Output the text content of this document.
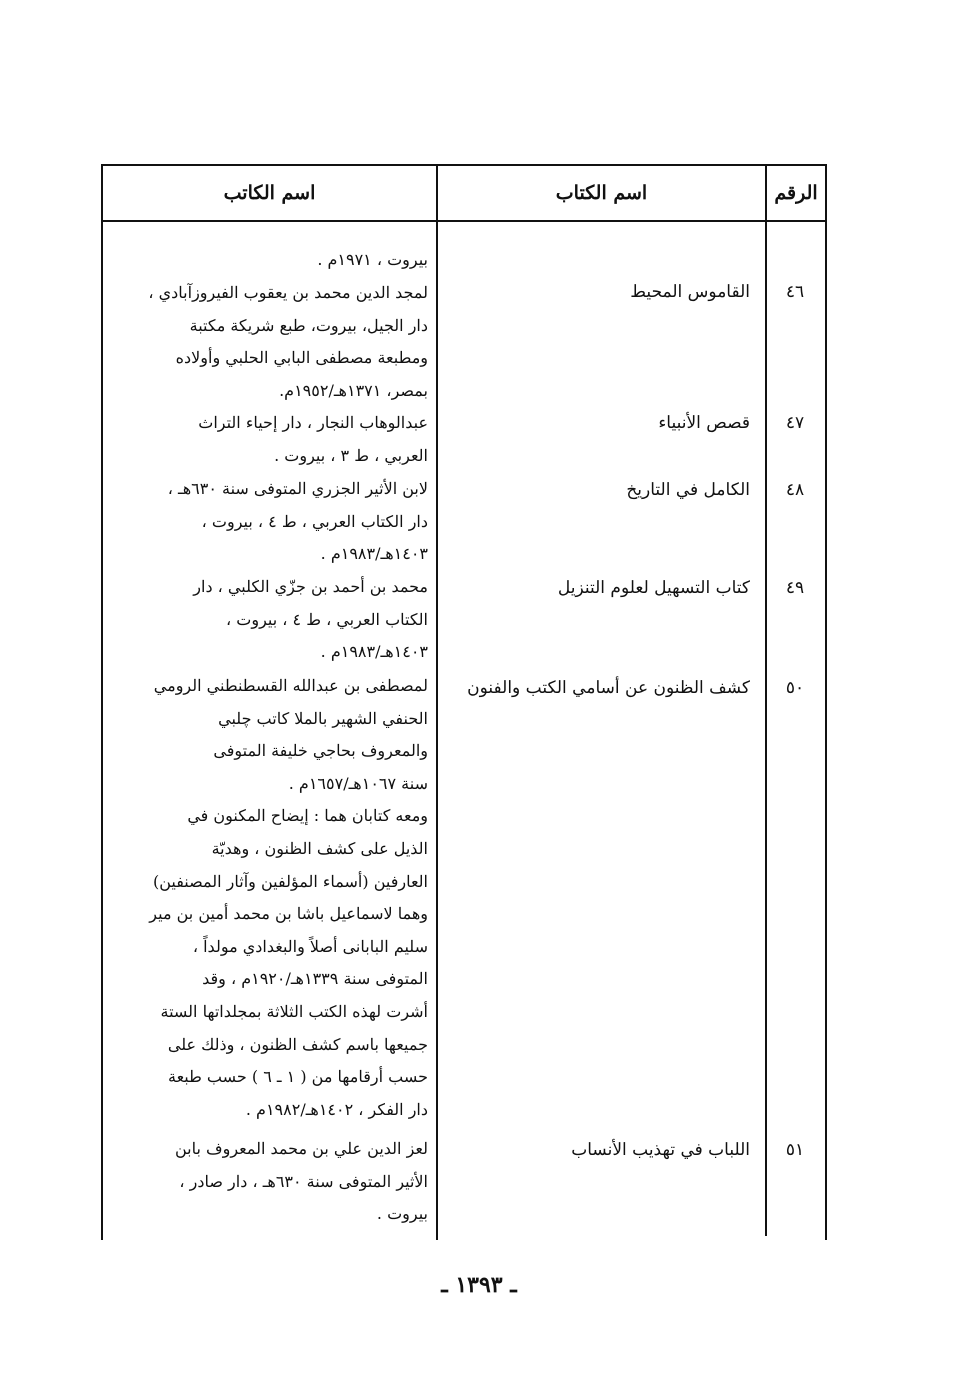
الرقم
اسم الكتاب
اسم الكاتب
بيروت ، ١٩٧١م .
٤٦
القاموس المحيط
لمجد الدين محمد بن يعقوب الفيروزآبادي ،
دار الجيل، بيروت، طبع شريكة مكتبة
ومطبعة مصطفى البابي الحلبي وأولاده
بمصر، ١٣٧١هـ/١٩٥٢م.
٤٧
قصص الأنبياء
عبدالوهاب النجار ، دار إحياء التراث
العربي ، ط ٣ ، بيروت .
٤٨
الكامل في التاريخ
لابن الأثير الجزري المتوفى سنة ٦٣٠هـ ،
دار الكتاب العربي ، ط ٤ ، بيروت ،
١٤٠٣هـ/١٩٨٣م .
٤٩
كتاب التسهيل لعلوم التنزيل
محمد بن أحمد بن جزّي الكلبي ، دار
الكتاب العربي ، ط ٤ ، بيروت ،
١٤٠٣هـ/١٩٨٣م .
٥٠
كشف الظنون عن أسامي الكتب والفنون
لمصطفى بن عبدالله القسطنطني الرومي
الحنفي الشهير بالملا كاتب چلبي
والمعروف بحاجي خليفة المتوفى
سنة ١٠٦٧هـ/١٦٥٧م .
ومعه كتابان هما : إيضاح المكنون في
الذيل على كشف الظنون ، وهديّة
العارفين (أسماء المؤلفين وآثار المصنفين)
وهما لاسماعيل باشا بن محمد أمين بن مير
سليم البابانى أصلاً والبغدادي مولداً ،
المتوفى سنة ١٣٣٩هـ/١٩٢٠م ، وقد
أشرت لهذه الكتب الثلاثة بمجلداتها الستة
جميعها باسم كشف الظنون ، وذلك على
حسب أرقامها من ( ١ ـ ٦ ) حسب طبعة
دار الفكر ، ١٤٠٢هـ/١٩٨٢م .
٥١
اللباب في تهذيب الأنساب
لعز الدين علي بن محمد المعروف بابن
الأثير المتوفى سنة ٦٣٠هـ ، دار صادر ،
بيروت .
ـ ١٣٩٣ ـ
